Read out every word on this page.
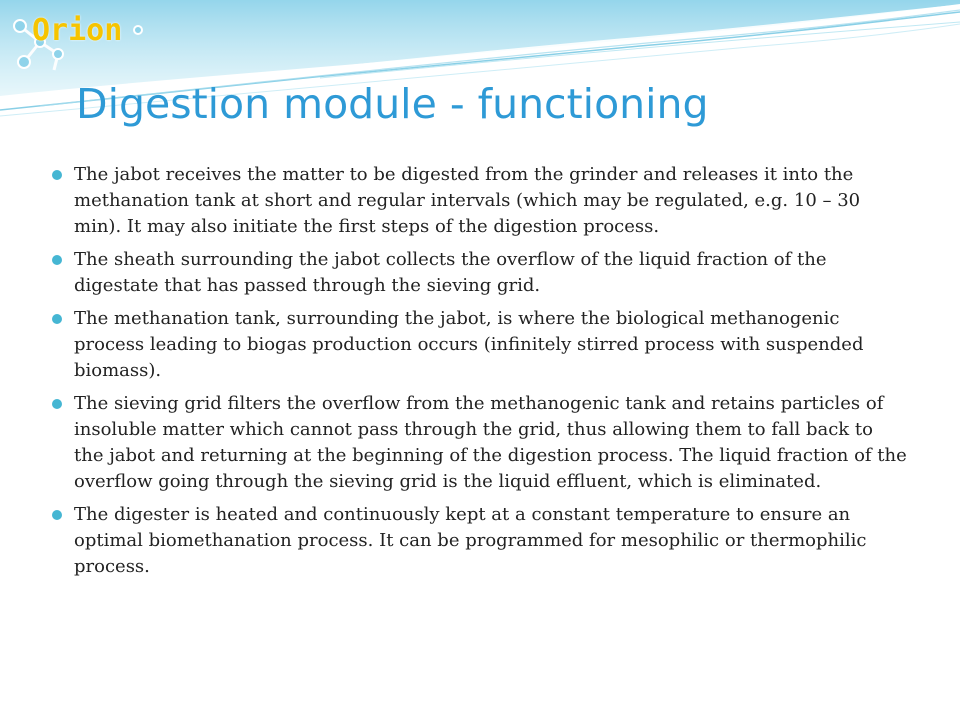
Orion
Digestion module - functioning
The jabot receives the matter to be digested from the grinder and releases it into the methanation tank at short and regular intervals (which may be regulated, e.g. 10 – 30 min). It may also initiate the first steps of the digestion process.
The sheath surrounding the jabot collects the overflow of the liquid fraction of the digestate that has passed through the sieving grid.
The methanation tank, surrounding the jabot, is where the biological methanogenic process leading to biogas production occurs (infinitely stirred process with suspended biomass).
The sieving grid filters the overflow from the methanogenic tank and retains particles of insoluble matter which cannot pass through the grid, thus allowing them to fall back to the jabot and returning at the beginning of the digestion process. The liquid fraction of the overflow going through the sieving grid is the liquid effluent, which is eliminated.
The digester is heated and continuously kept at a constant temperature to ensure an optimal biomethanation process. It can be programmed for mesophilic or thermophilic process.
